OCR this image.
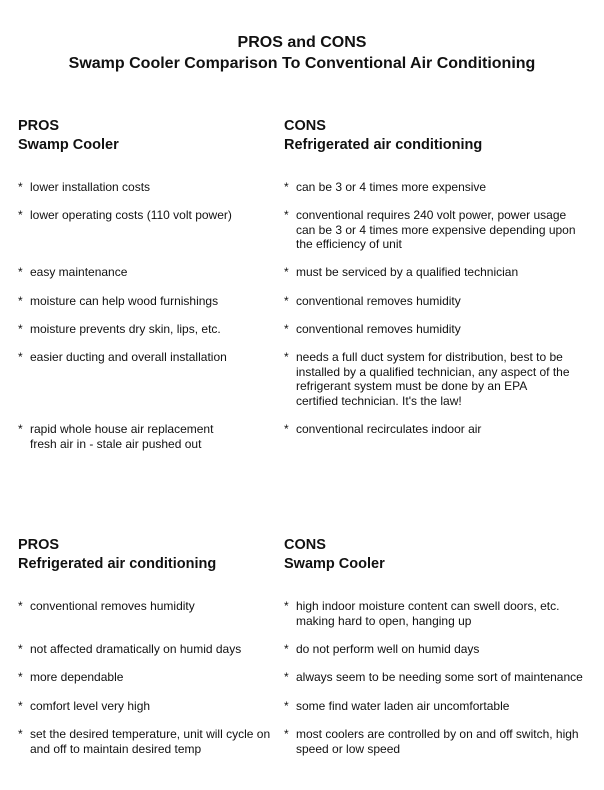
PROS and CONS
Swamp Cooler Comparison To Conventional Air Conditioning
PROS
Swamp Cooler
CONS
Refrigerated air conditioning
* lower installation costs
* lower operating costs (110 volt power)
* easy maintenance
* moisture can help wood furnishings
* moisture prevents dry skin, lips, etc.
* easier ducting and overall installation
* rapid whole house air replacement
fresh air in - stale air pushed out
* can be 3 or 4 times more expensive
* conventional requires 240 volt power, power usage
can be 3 or 4 times more expensive depending upon
the efficiency of unit
* must be serviced by a qualified technician
* conventional removes humidity
* conventional removes humidity
* needs a full duct system for distribution, best to be
installed by a qualified technician, any aspect of the
refrigerant system must be done by an EPA
certified technician. It's the law!
* conventional recirculates indoor air
PROS
Refrigerated air conditioning
CONS
Swamp Cooler
* conventional removes humidity
* not affected dramatically on humid days
* more dependable
* comfort level very high
* set the desired temperature, unit will cycle on
and off to maintain desired temp
* high indoor moisture content can swell doors, etc.
making hard to open, hanging up
* do not perform well on humid days
* always seem to be needing some sort of maintenance
* some find water laden air uncomfortable
* most coolers are controlled by on and off switch, high
speed or low speed
